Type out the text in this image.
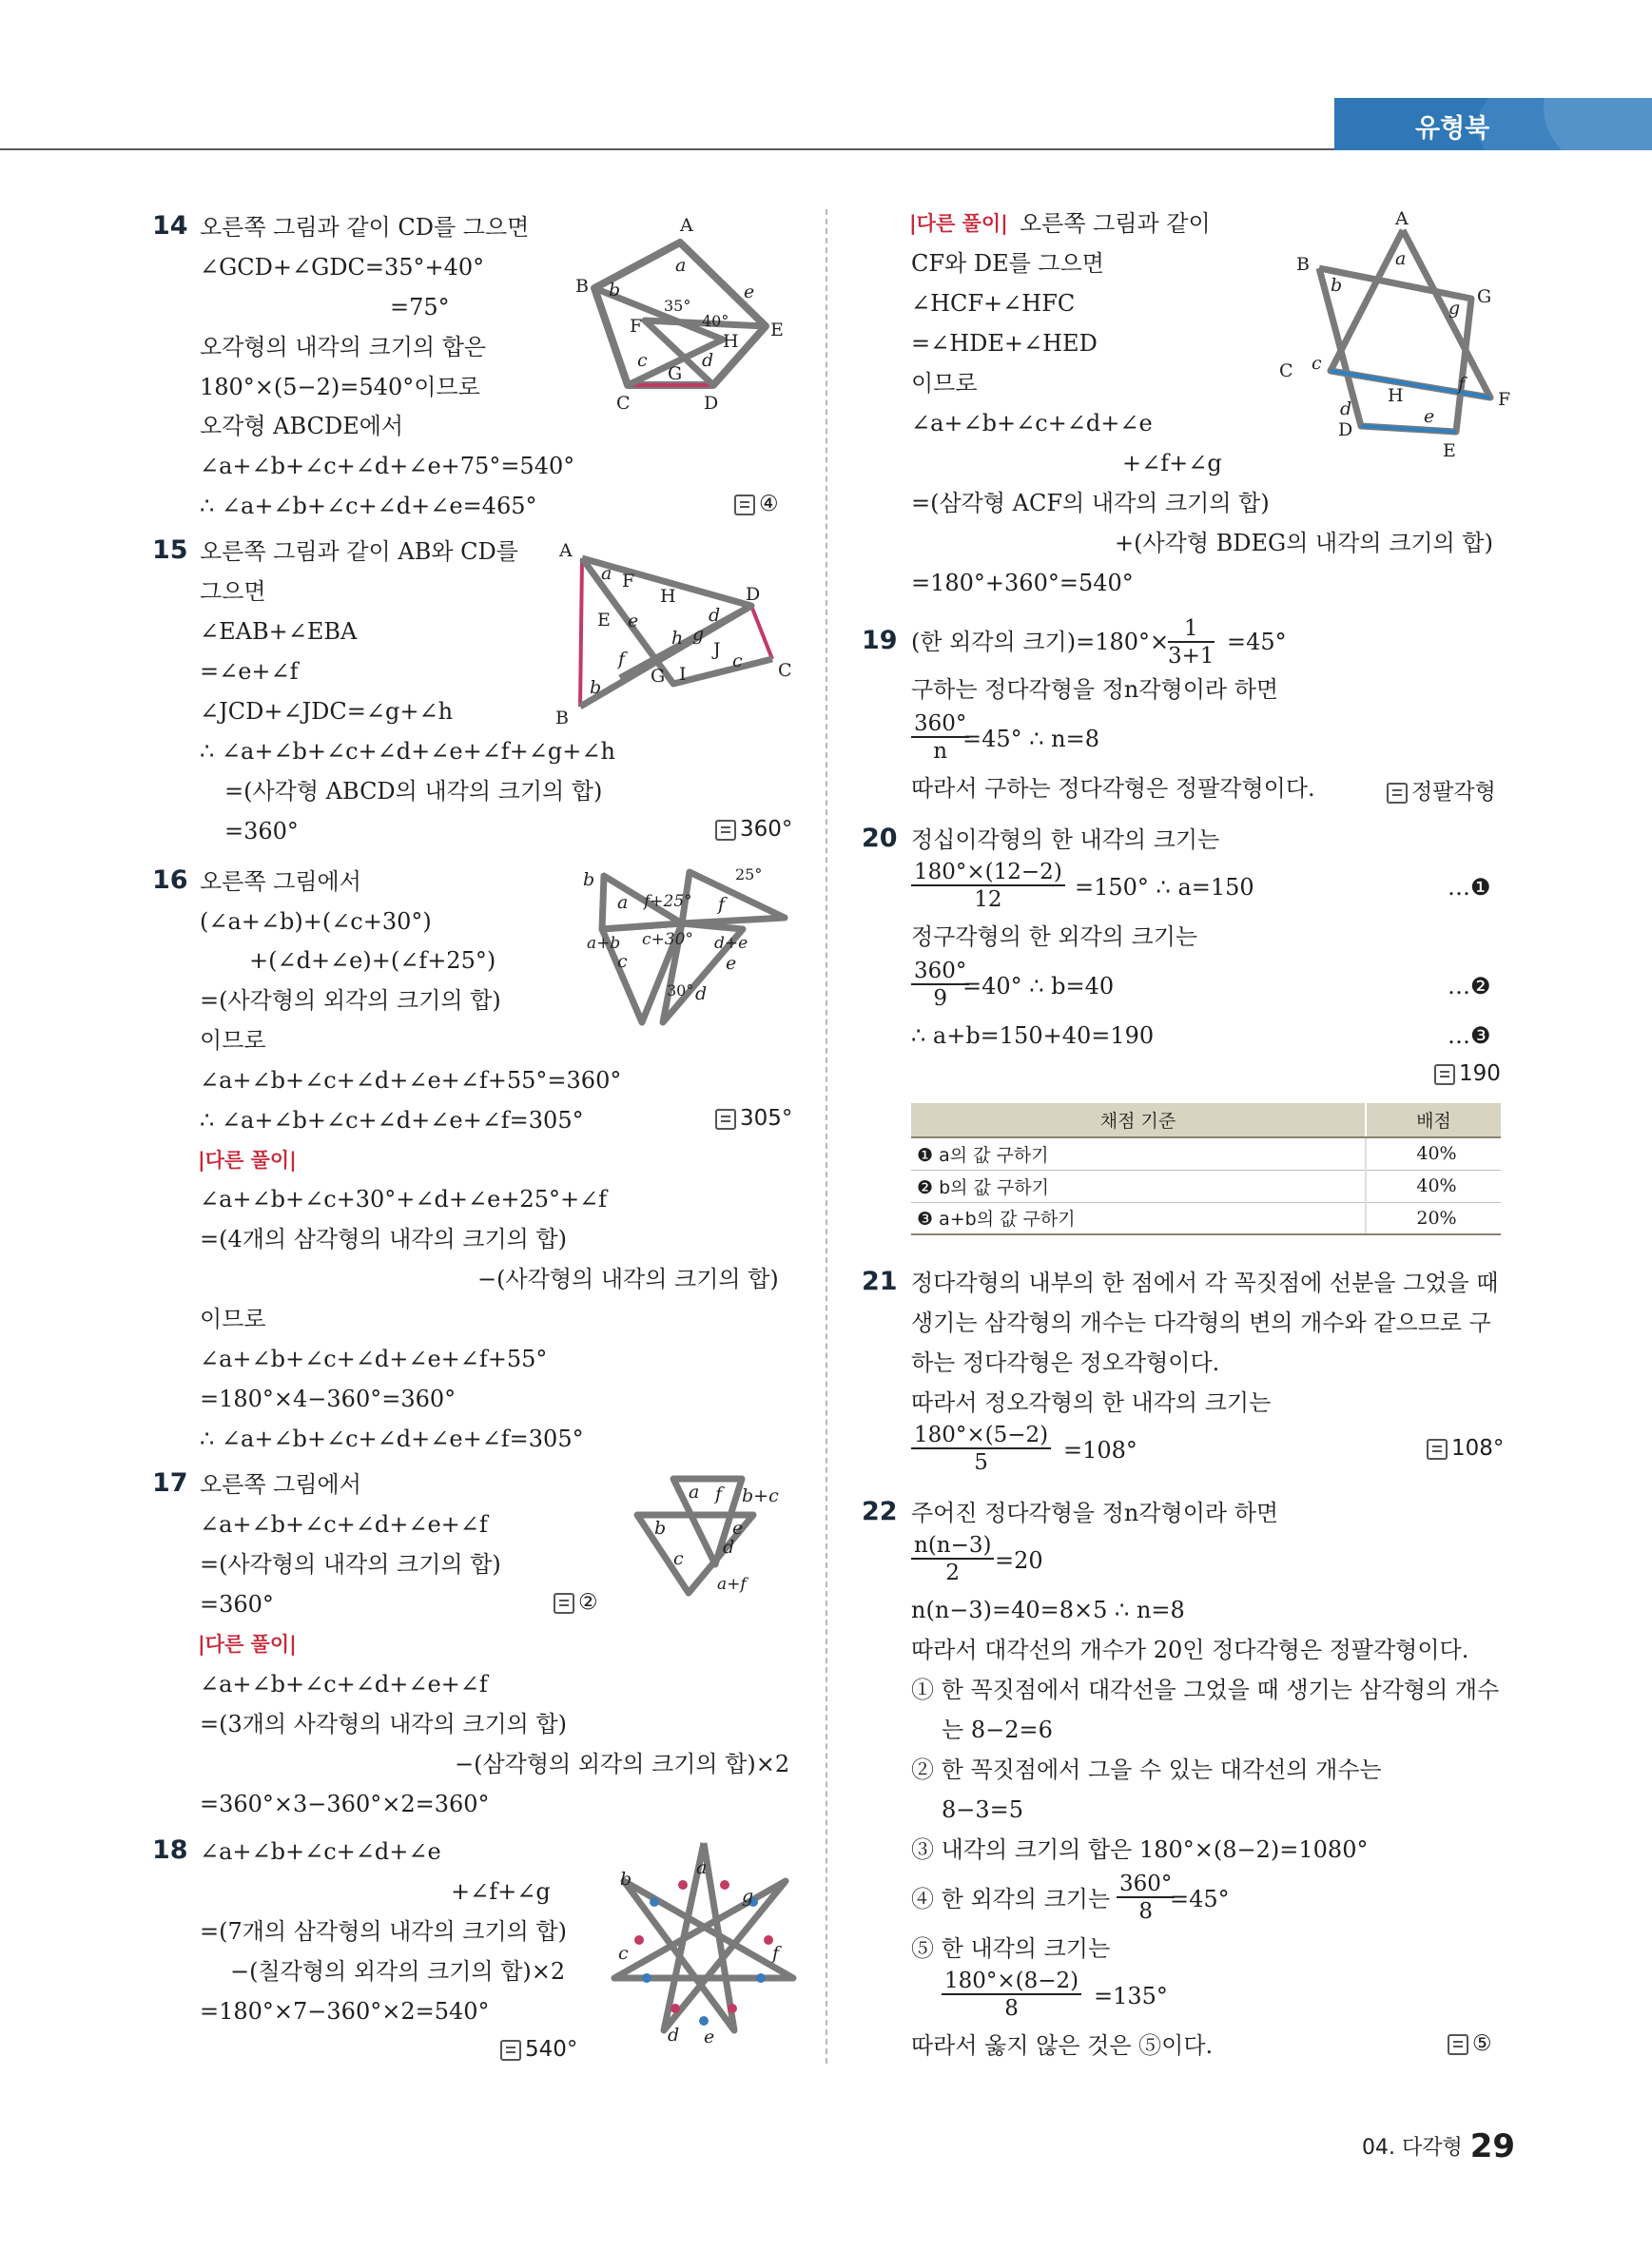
유형북
14 오른쪽 그림과 같이 CD를 그으면
∠GCD+∠GDC=35°+40°
=75°
오각형의 내각의 크기의 합은
180°×(5−2)=540°이므로
오각형 ABCDE에서
∠a+∠b+∠c+∠d+∠e+75°=540°
∴ ∠a+∠b+∠c+∠d+∠e=465°	④
A
B
C	D
E
F
G
H
a
b
c	d
e
35°
40°
15 오른쪽 그림과 같이 AB와 CD를
그으면
∠EAB+∠EBA
=∠e+∠f
∠JCD+∠JDC=∠g+∠h
∴ ∠a+∠b+∠c+∠d+∠e+∠f+∠g+∠h
=(사각형 ABCD의 내각의 크기의 합)
=360°	360°
A
B
C
D
E
F
G
H
I
J
a
b
c
d
e
f
g
h
16 오른쪽 그림에서
(∠a+∠b)+(∠c+30°)
+(∠d+∠e)+(∠f+25°)
=(사각형의 외각의 크기의 합)
이므로
∠a+∠b+∠c+∠d+∠e+∠f+55°=360°
∴ ∠a+∠b+∠c+∠d+∠e+∠f=305°	305°
|다른 풀이|
∠a+∠b+∠c+30°+∠d+∠e+25°+∠f
=(4개의 삼각형의 내각의 크기의 합)
−(사각형의 내각의 크기의 합)
이므로
∠a+∠b+∠c+∠d+∠e+∠f+55°
=180°×4−360°=360°
∴ ∠a+∠b+∠c+∠d+∠e+∠f=305°
b
a f+25°
25°
f
a+b c+30° d+e
c	e
30° d
17 오른쪽 그림에서
∠a+∠b+∠c+∠d+∠e+∠f
=(사각형의 내각의 크기의 합)
=360°	②
|다른 풀이|
∠a+∠b+∠c+∠d+∠e+∠f
=(3개의 사각형의 내각의 크기의 합)
−(삼각형의 외각의 크기의 합)×2
=360°×3−360°×2=360°
a f b+c
b	e
c
d
a+f
18 ∠a+∠b+∠c+∠d+∠e
+∠f+∠g
=(7개의 삼각형의 내각의 크기의 합)
−(칠각형의 외각의 크기의 합)×2
=180°×7−360°×2=540°
540°
a
b
g
c	f
d e
|다른 풀이| 오른쪽 그림과 같이
CF와 DE를 그으면
∠HCF+∠HFC
=∠HDE+∠HED
이므로
∠a+∠b+∠c+∠d+∠e
+∠f+∠g
=(삼각형 ACF의 내각의 크기의 합)
+(사각형 BDEG의 내각의 크기의 합)
=180°+360°=540°
A
B
G
C
H	F
D
E
a
b
g
c
d	e
f
19 (한 외각의 크기)=180°×
$\frac{1}{3+1} =45^\circ$
구하는 정다각형을 정n각형이라 하면
$\frac{360^\circ}{n}$
=45° ∴ n=8
따라서 구하는 정다각형은 정팔각형이다.	정팔각형
20 정십이각형의 한 내각의 크기는
$\frac{180^\circ\times(12-2)}{12} =150^\circ$ ∴ a=150	…❶
정구각형의 한 외각의 크기는
$\frac{360^\circ}{9}$
=40° ∴ b=40	…❷
∴ a+b=150+40=190	…❸
190
채점 기준	배점
❶ a의 값 구하기	40%
❷ b의 값 구하기	40%
❸ a+b의 값 구하기	20%
21 정다각형의 내부의 한 점에서 각 꼭짓점에 선분을 그었을 때
생기는 삼각형의 개수는 다각형의 변의 개수와 같으므로 구
하는 정다각형은 정오각형이다.
따라서 정오각형의 한 내각의 크기는
$\frac{180^\circ\times(5-2)}{5} =108^\circ$	108°
22 주어진 정다각형을 정n각형이라 하면
$\frac{n(n-3)}{2} =20$
n(n−3)=40=8×5 ∴ n=8
따라서 대각선의 개수가 20인 정다각형은 정팔각형이다.
① 한 꼭짓점에서 대각선을 그었을 때 생기는 삼각형의 개수
는 8−2=6
② 한 꼭짓점에서 그을 수 있는 대각선의 개수는
8−3=5
③ 내각의 크기의 합은 180°×(8−2)=1080°
④ 한 외각의 크기는 $\frac{360^\circ}{8}$
=45°
⑤ 한 내각의 크기는
$\frac{180^\circ\times(8-2)}{8} =135^\circ$
따라서 옳지 않은 것은 ⑤이다.	⑤
04. 다각형 29
